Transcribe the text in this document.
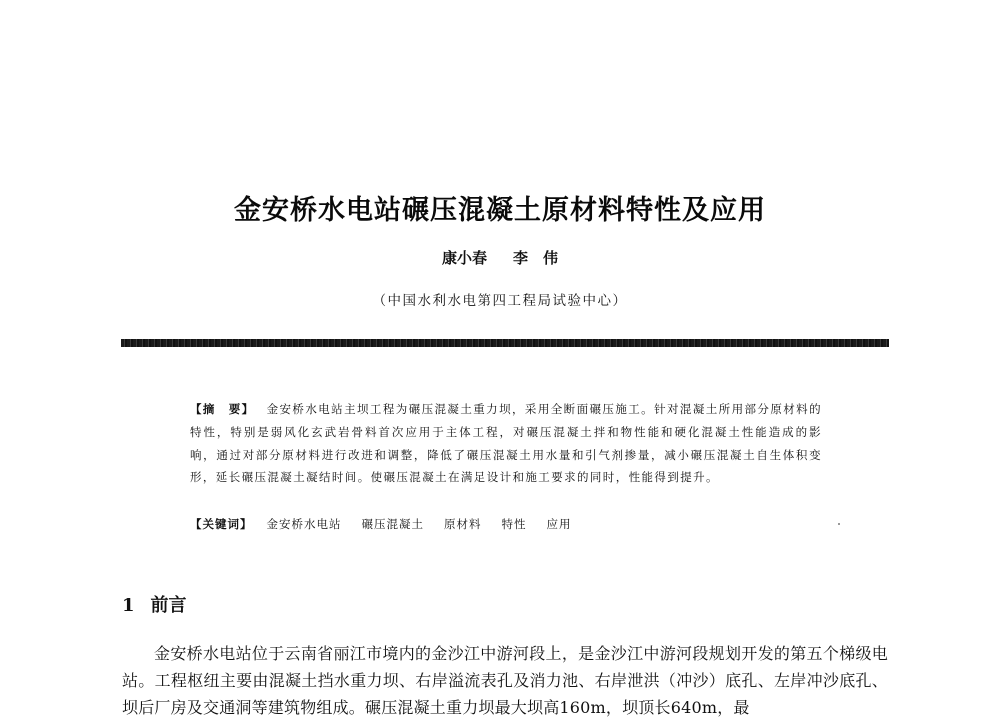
金安桥水电站碾压混凝土原材料特性及应用
康小春 李　伟
（中国水利水电第四工程局试验中心）
【摘　要】 金安桥水电站主坝工程为碾压混凝土重力坝，采用全断面碾压施工。针对混凝土所用部分原材料的特性，特别是弱风化玄武岩骨料首次应用于主体工程，对碾压混凝土拌和物性能和硬化混凝土性能造成的影响，通过对部分原材料进行改进和调整，降低了碾压混凝土用水量和引气剂掺量，减小碾压混凝土自生体积变形，延长碾压混凝土凝结时间。使碾压混凝土在满足设计和施工要求的同时，性能得到提升。
【关键词】 金安桥水电站 碾压混凝土 原材料 特性 应用
1 前言
金安桥水电站位于云南省丽江市境内的金沙江中游河段上，是金沙江中游河段规划开发的第五个梯级电站。工程枢纽主要由混凝土挡水重力坝、右岸溢流表孔及消力池、右岸泄洪（冲沙）底孔、左岸冲沙底孔、坝后厂房及交通洞等建筑物组成。碾压混凝土重力坝最大坝高160m，坝顶长640m，最
